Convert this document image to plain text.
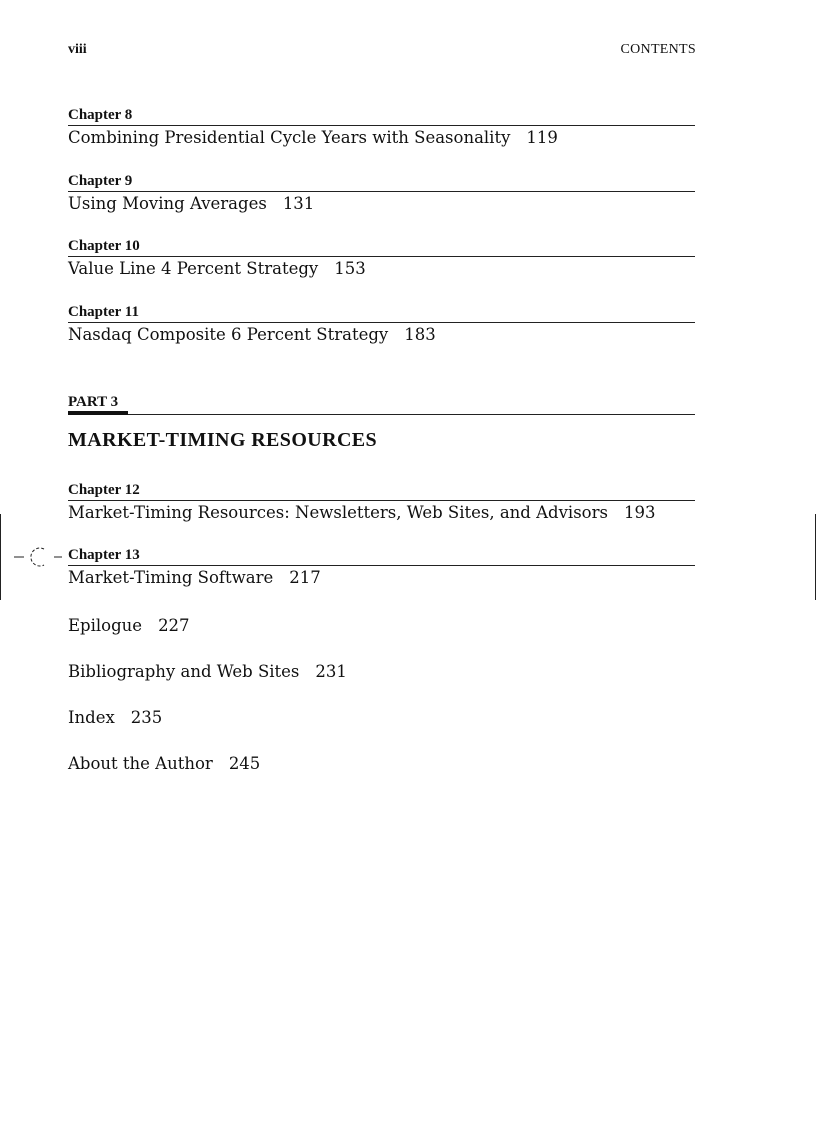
viii	CONTENTS
Chapter 8
Combining Presidential Cycle Years with Seasonality 119
Chapter 9
Using Moving Averages 131
Chapter 10
Value Line 4 Percent Strategy 153
Chapter 11
Nasdaq Composite 6 Percent Strategy 183
PART 3
MARKET-TIMING RESOURCES
Chapter 12
Market-Timing Resources: Newsletters, Web Sites, and Advisors 193
Chapter 13
Market-Timing Software 217
Epilogue 227
Bibliography and Web Sites 231
Index 235
About the Author 245
